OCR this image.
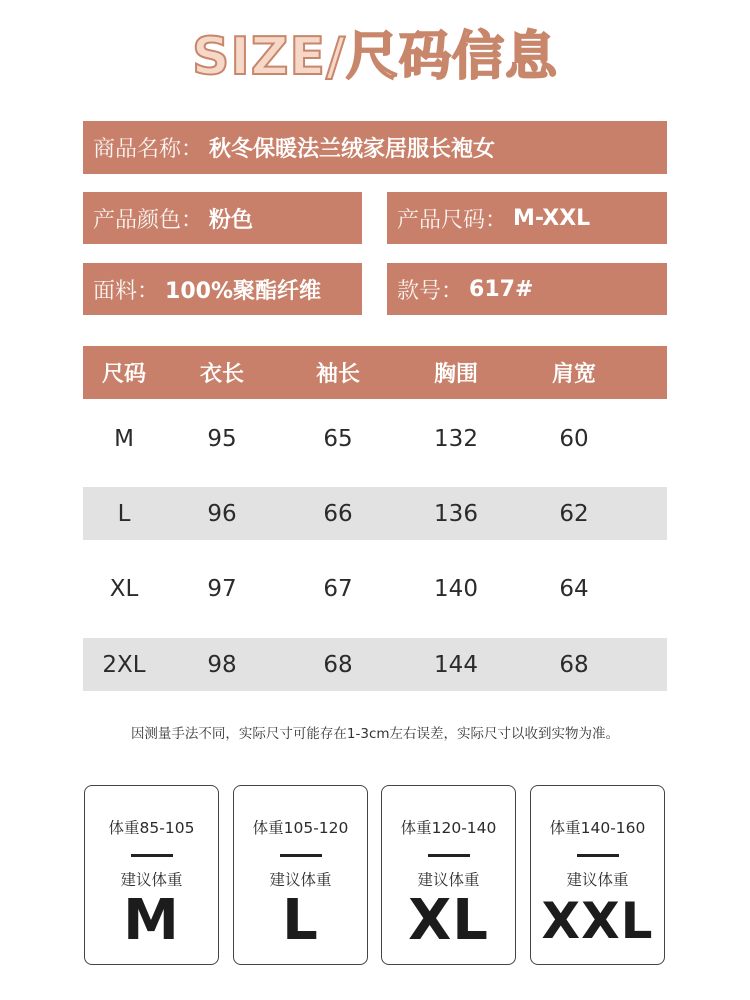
SIZE/尺码信息
商品名称： 秋冬保暖法兰绒家居服长袍女
产品颜色： 粉色	产品尺码： M-XXL
面料： 100%聚酯纤维	款号： 617#
尺码	衣长	袖长	胸围	肩宽
M	95	65	132	60
L	96	66	136	62
XL	97	67	140	64
2XL	98	68	144	68
因测量手法不同，实际尺寸可能存在1-3cm左右误差，实际尺寸以收到实物为准。
体重85-105
建议体重
M
体重105-120
建议体重
L
体重120-140
建议体重
XL
体重140-160
建议体重
XXL
